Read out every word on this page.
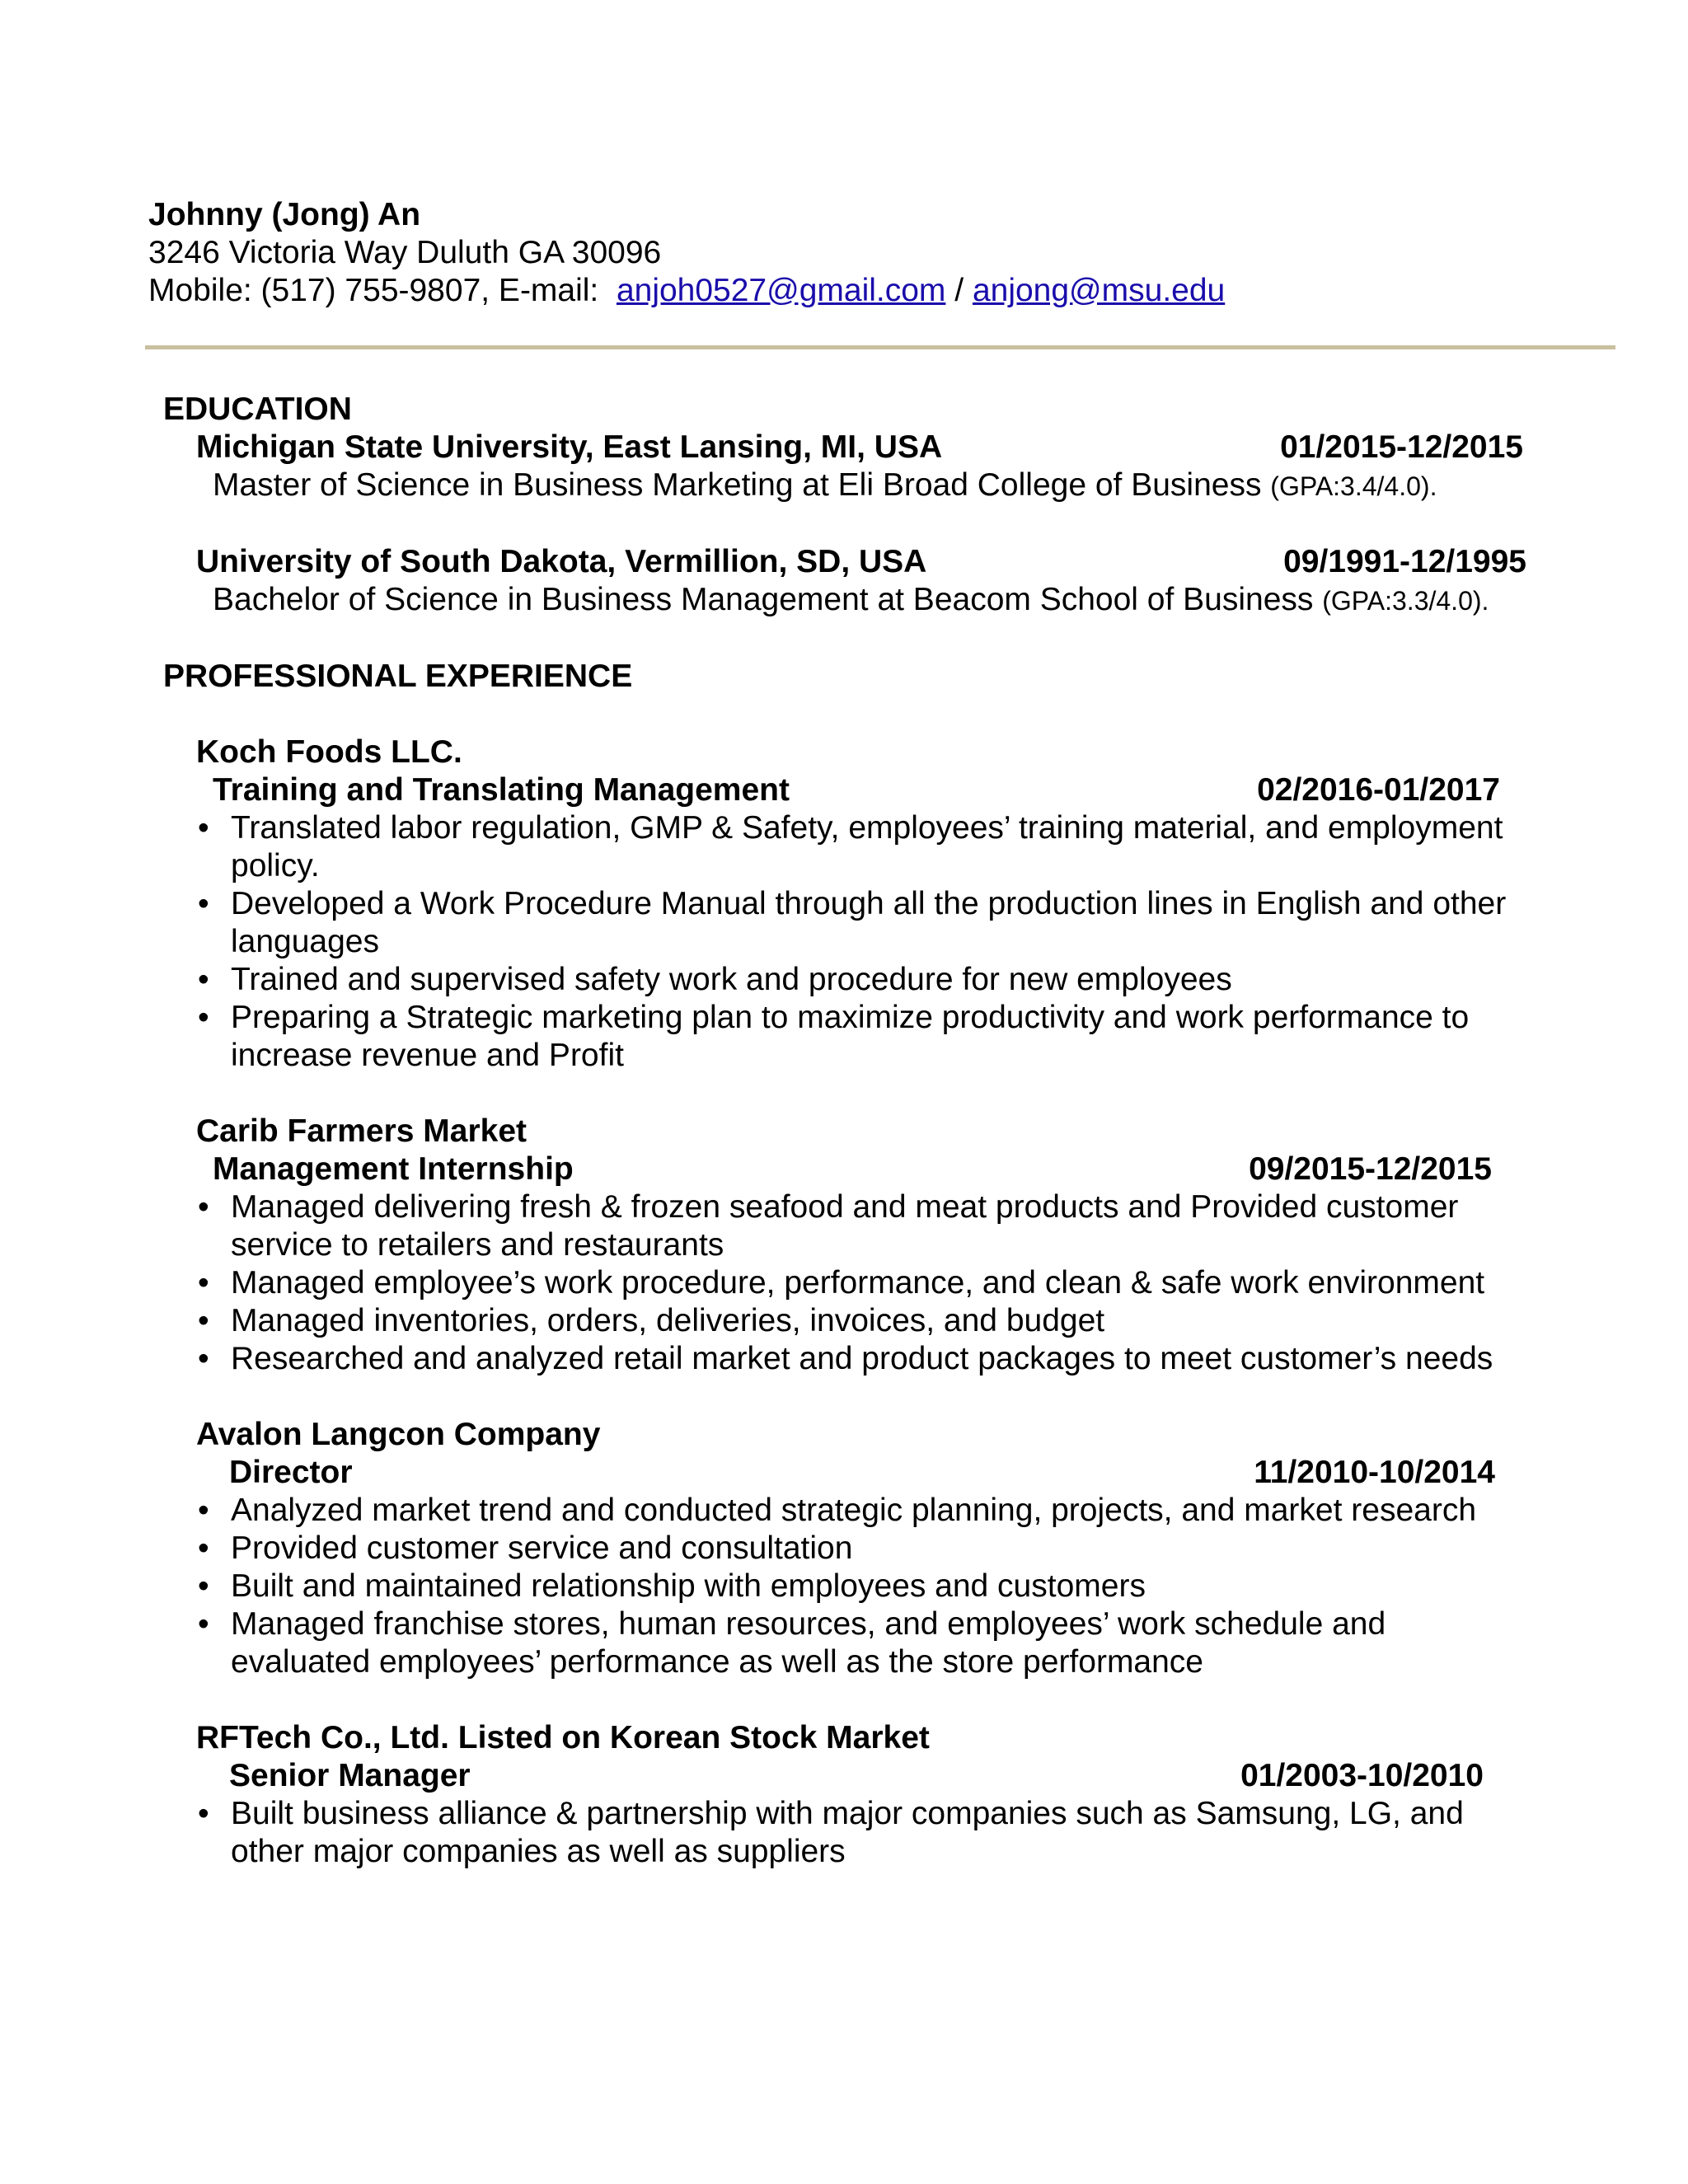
Johnny (Jong) An
3246 Victoria Way Duluth GA 30096
Mobile: (517) 755-9807, E-mail:  anjoh0527@gmail.com / anjong@msu.edu
EDUCATION
Michigan State University, East Lansing, MI, USA	01/2015-12/2015
Master of Science in Business Marketing at Eli Broad College of Business (GPA:3.4/4.0).
University of South Dakota, Vermillion, SD, USA	09/1991-12/1995
Bachelor of Science in Business Management at Beacom School of Business (GPA:3.3/4.0).
PROFESSIONAL EXPERIENCE
Koch Foods LLC.
Training and Translating Management	02/2016-01/2017
• Translated labor regulation, GMP & Safety, employees’ training material, and employment policy.
• Developed a Work Procedure Manual through all the production lines in English and other languages
• Trained and supervised safety work and procedure for new employees
• Preparing a Strategic marketing plan to maximize productivity and work performance to increase revenue and Profit
Carib Farmers Market
Management Internship	09/2015-12/2015
• Managed delivering fresh & frozen seafood and meat products and Provided customer service to retailers and restaurants
• Managed employee’s work procedure, performance, and clean & safe work environment
• Managed inventories, orders, deliveries, invoices, and budget
• Researched and analyzed retail market and product packages to meet customer’s needs
Avalon Langcon Company
Director	11/2010-10/2014
• Analyzed market trend and conducted strategic planning, projects, and market research
• Provided customer service and consultation
• Built and maintained relationship with employees and customers
• Managed franchise stores, human resources, and employees’ work schedule and evaluated employees’ performance as well as the store performance
RFTech Co., Ltd. Listed on Korean Stock Market
Senior Manager	01/2003-10/2010
• Built business alliance & partnership with major companies such as Samsung, LG, and other major companies as well as suppliers
